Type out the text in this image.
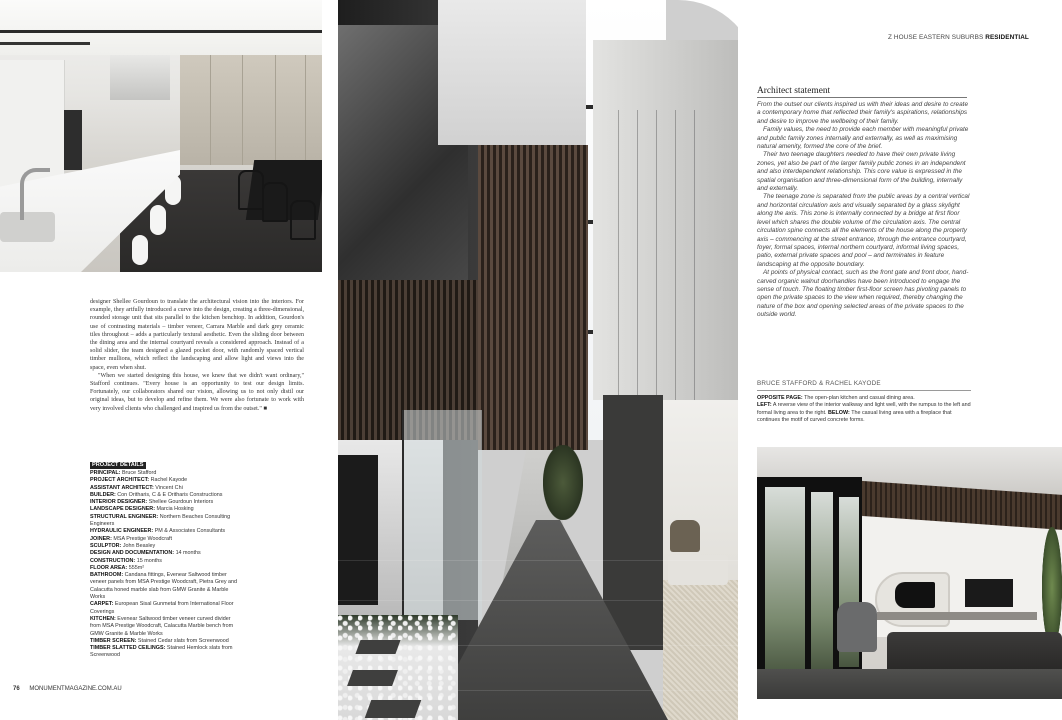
designer Shellee Gourdoun to translate the architectural vision into the interiors. For example, they artfully introduced a curve into the design, creating a three-dimensional, rounded storage unit that sits parallel to the kitchen benchtop. In addition, Gourdon's use of contrasting materials – timber veneer, Carrara Marble and dark grey ceramic tiles throughout – adds a particularly textural aesthetic. Even the sliding door between the dining area and the internal courtyard reveals a considered approach. Instead of a solid slider, the team designed a glazed pocket door, with randomly spaced vertical timber mullions, which reflect the landscaping and allow light and views into the space, even when shut.

"When we started designing this house, we knew that we didn't want ordinary," Stafford continues. "Every house is an opportunity to test our design limits. Fortunately, our collaborators shared our vision, allowing us to not only distil our original ideas, but to develop and refine them. We were also fortunate to work with very involved clients who challenged and inspired us from the outset." ■

PROJECT DETAILS
PRINCIPAL: Bruce Stafford
PROJECT ARCHITECT: Rachel Kayode
ASSISTANT ARCHITECT: Vincent Chi
BUILDER: Con Oritharis, C & E Oritharis Constructions
INTERIOR DESIGNER: Shellee Gourdoun Interiors
LANDSCAPE DESIGNER: Marcia Hosking
STRUCTURAL ENGINEER: Northern Beaches Consulting Engineers
HYDRAULIC ENGINEER: PM & Associates Consultants
JOINER: MSA Prestige Woodcraft
SCULPTOR: John Beasley
DESIGN AND DOCUMENTATION: 14 months
CONSTRUCTION: 15 months
FLOOR AREA: 555m²
BATHROOM: Candana fittings, Evenear Saltwood timber veneer panels from MSA Prestige Woodcraft, Pietra Grey and Calacutta honed marble slab from GMW Granite & Marble Works
CARPET: European Sisal Gunmetal from International Floor Coverings
KITCHEN: Evenear Saltwood timber veneer curved divider from MSA Prestige Woodcraft, Calacutta Marble bench from GMW Granite & Marble Works
TIMBER SCREEN: Stained Cedar slats from Screenwood
TIMBER SLATTED CEILINGS: Stained Hemlock slats from Screenwood
76 MONUMENTMAGAZINE.COM.AU
Z HOUSE EASTERN SUBURBS RESIDENTIAL
Architect statement

From the outset our clients inspired us with their ideas and desire to create a contemporary home that reflected their family's aspirations, relationships and desire to improve the wellbeing of their family.

Family values, the need to provide each member with meaningful private and public family zones internally and externally, as well as maximising natural amenity, formed the core of the brief.

Their two teenage daughters needed to have their own private living zones, yet also be part of the larger family public zones in an independent and also interdependent relationship. This core value is expressed in the spatial organisation and three-dimensional form of the building, internally and externally.

The teenage zone is separated from the public areas by a central vertical and horizontal circulation axis and visually separated by a glass skylight along the axis. This zone is internally connected by a bridge at first floor level which shares the double volume of the circulation axis. The central circulation spine connects all the elements of the house along the property axis – commencing at the street entrance, through the entrance courtyard, foyer, formal spaces, internal northern courtyard, informal living spaces, patio, external private spaces and pool – and terminates in feature landscaping at the opposite boundary.

At points of physical contact, such as the front gate and front door, hand-carved organic walnut doorhandles have been introduced to engage the sense of touch. The floating timber first-floor screen has pivoting panels to open the private spaces to the view when required, thereby changing the nature of the box and opening selected areas of the private spaces to the outside world.

BRUCE STAFFORD & RACHEL KAYODE
OPPOSITE PAGE: The open-plan kitchen and casual dining area.
LEFT: A reverse view of the interior walkway and light well, with the rumpus to the left and formal living area to the right. BELOW: The casual living area with a fireplace that continues the motif of curved concrete forms.
